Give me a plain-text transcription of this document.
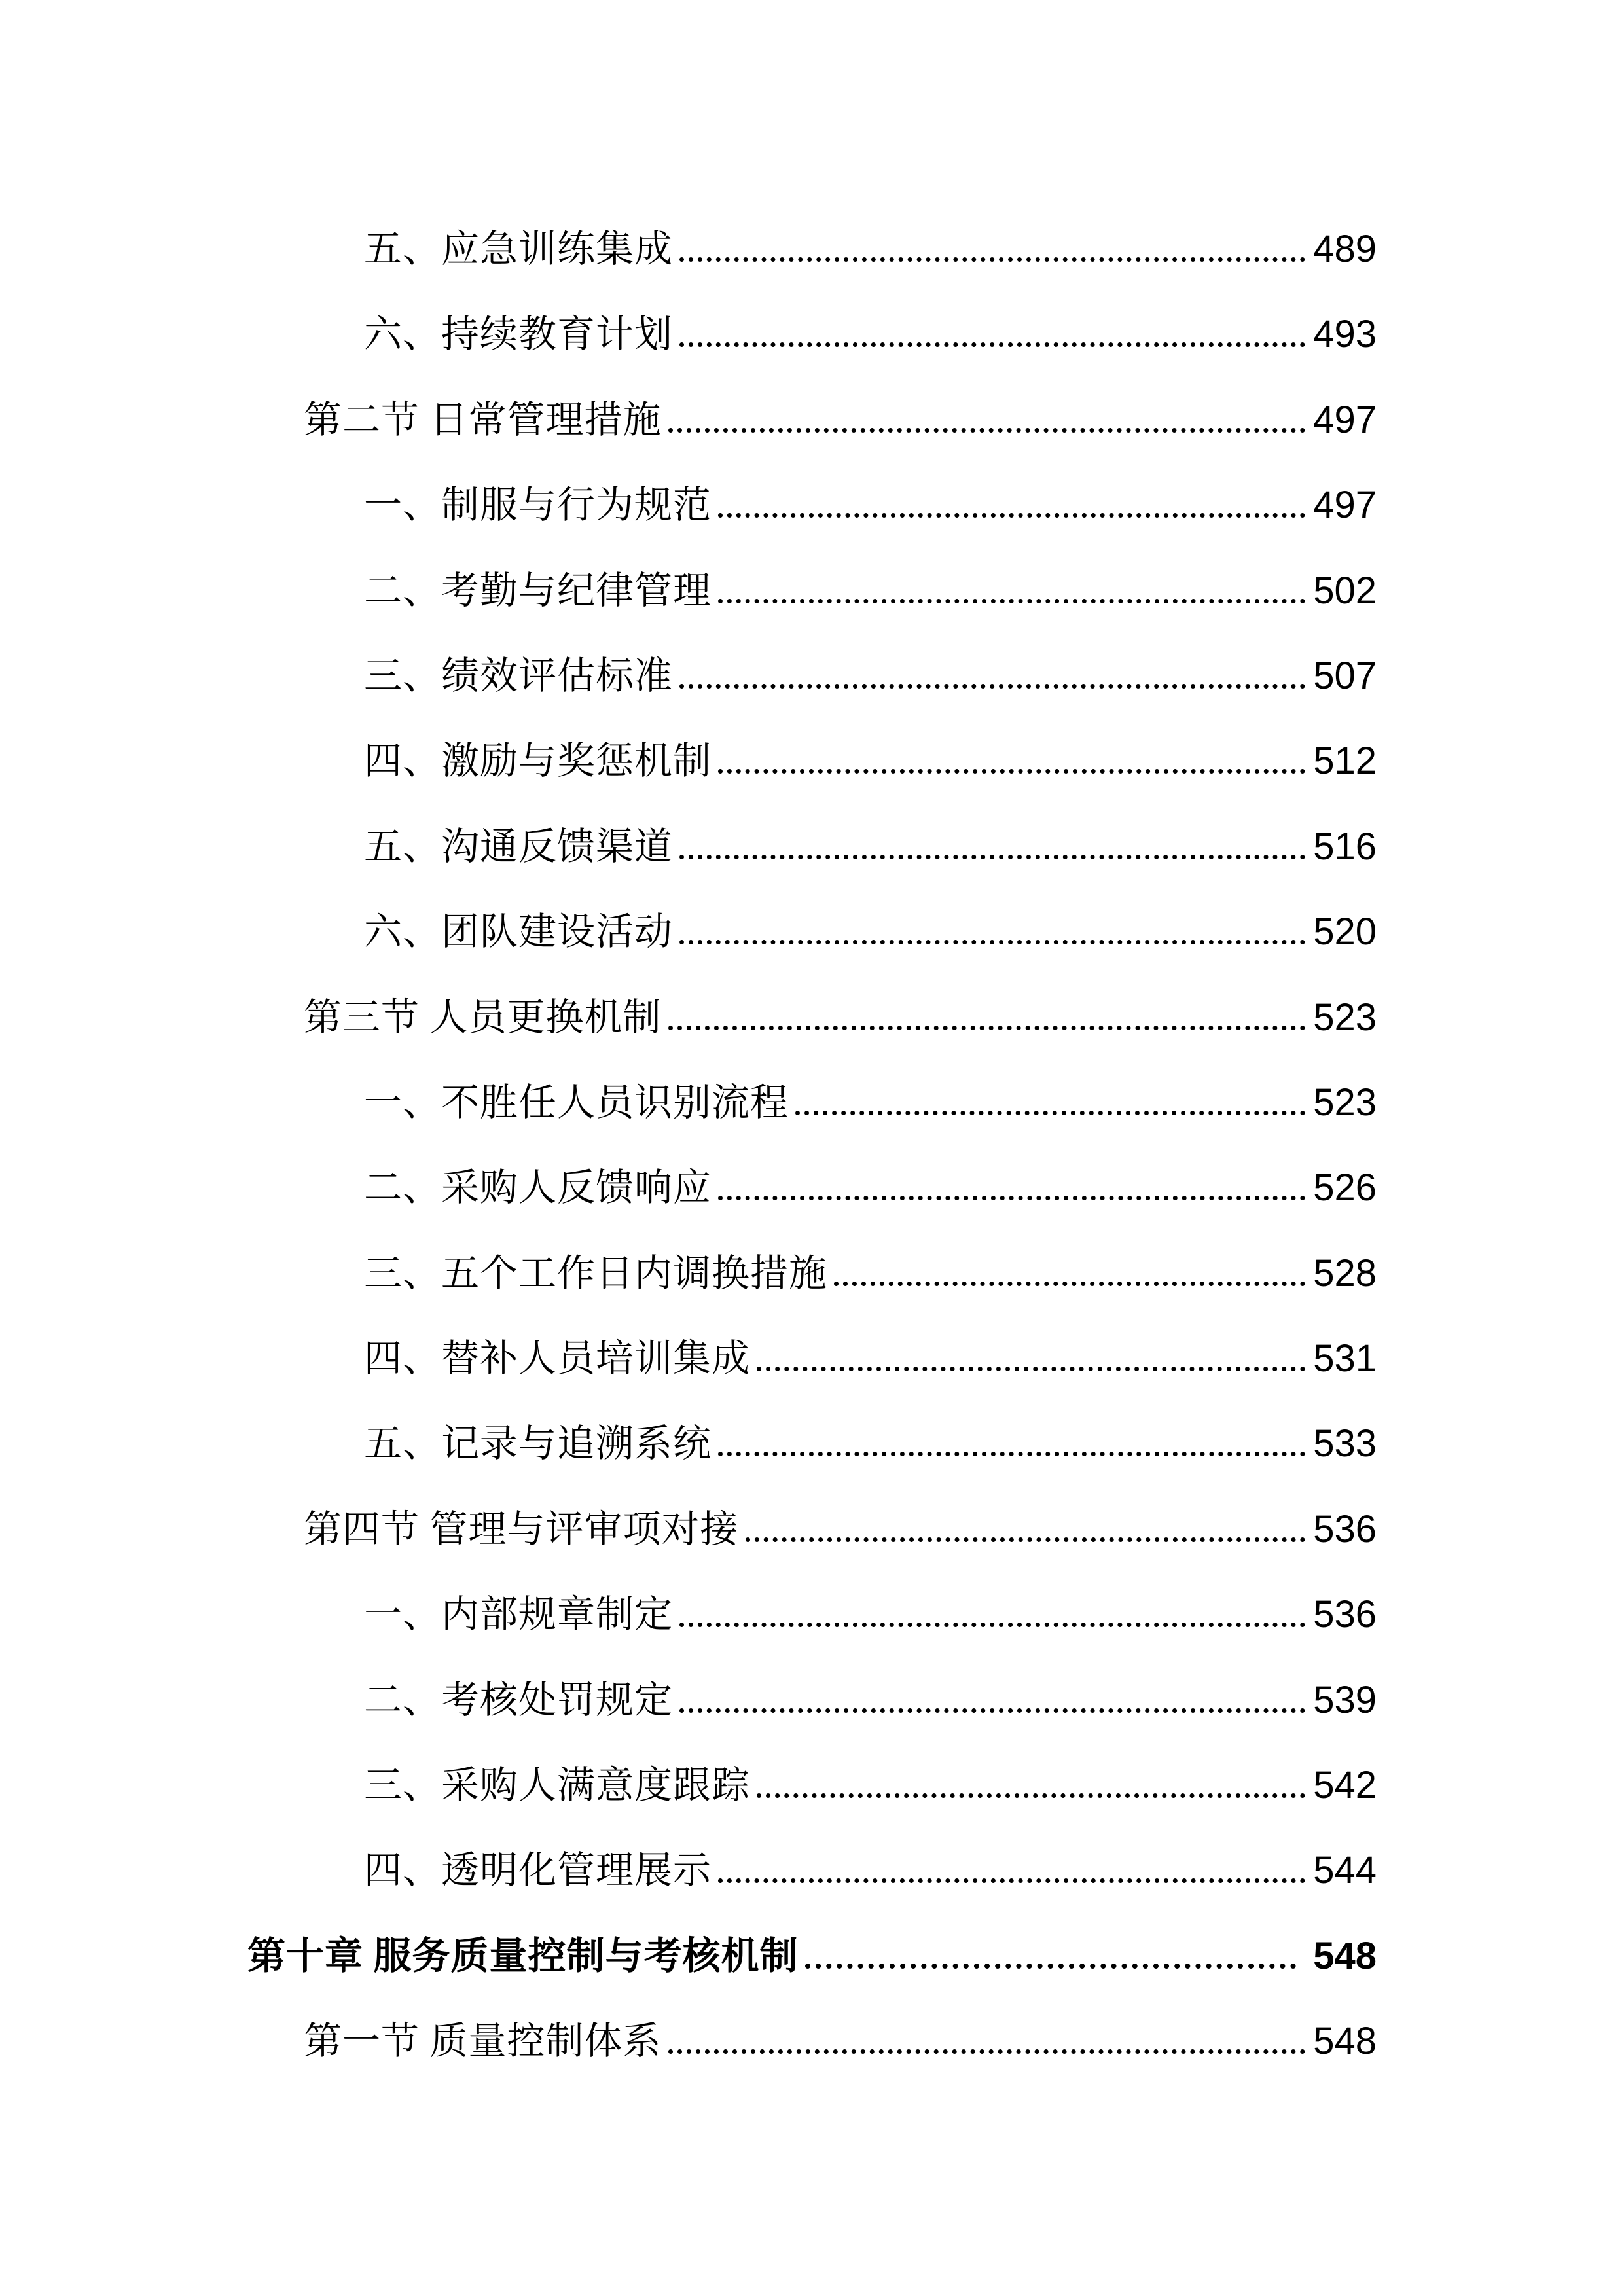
五、应急训练集成	489
六、持续教育计划	493
第二节 日常管理措施	497
一、制服与行为规范	497
二、考勤与纪律管理	502
三、绩效评估标准	507
四、激励与奖惩机制	512
五、沟通反馈渠道	516
六、团队建设活动	520
第三节 人员更换机制	523
一、不胜任人员识别流程	523
二、采购人反馈响应	526
三、五个工作日内调换措施	528
四、替补人员培训集成	531
五、记录与追溯系统	533
第四节 管理与评审项对接	536
一、内部规章制定	536
二、考核处罚规定	539
三、采购人满意度跟踪	542
四、透明化管理展示	544
第十章 服务质量控制与考核机制	548
第一节 质量控制体系	548
